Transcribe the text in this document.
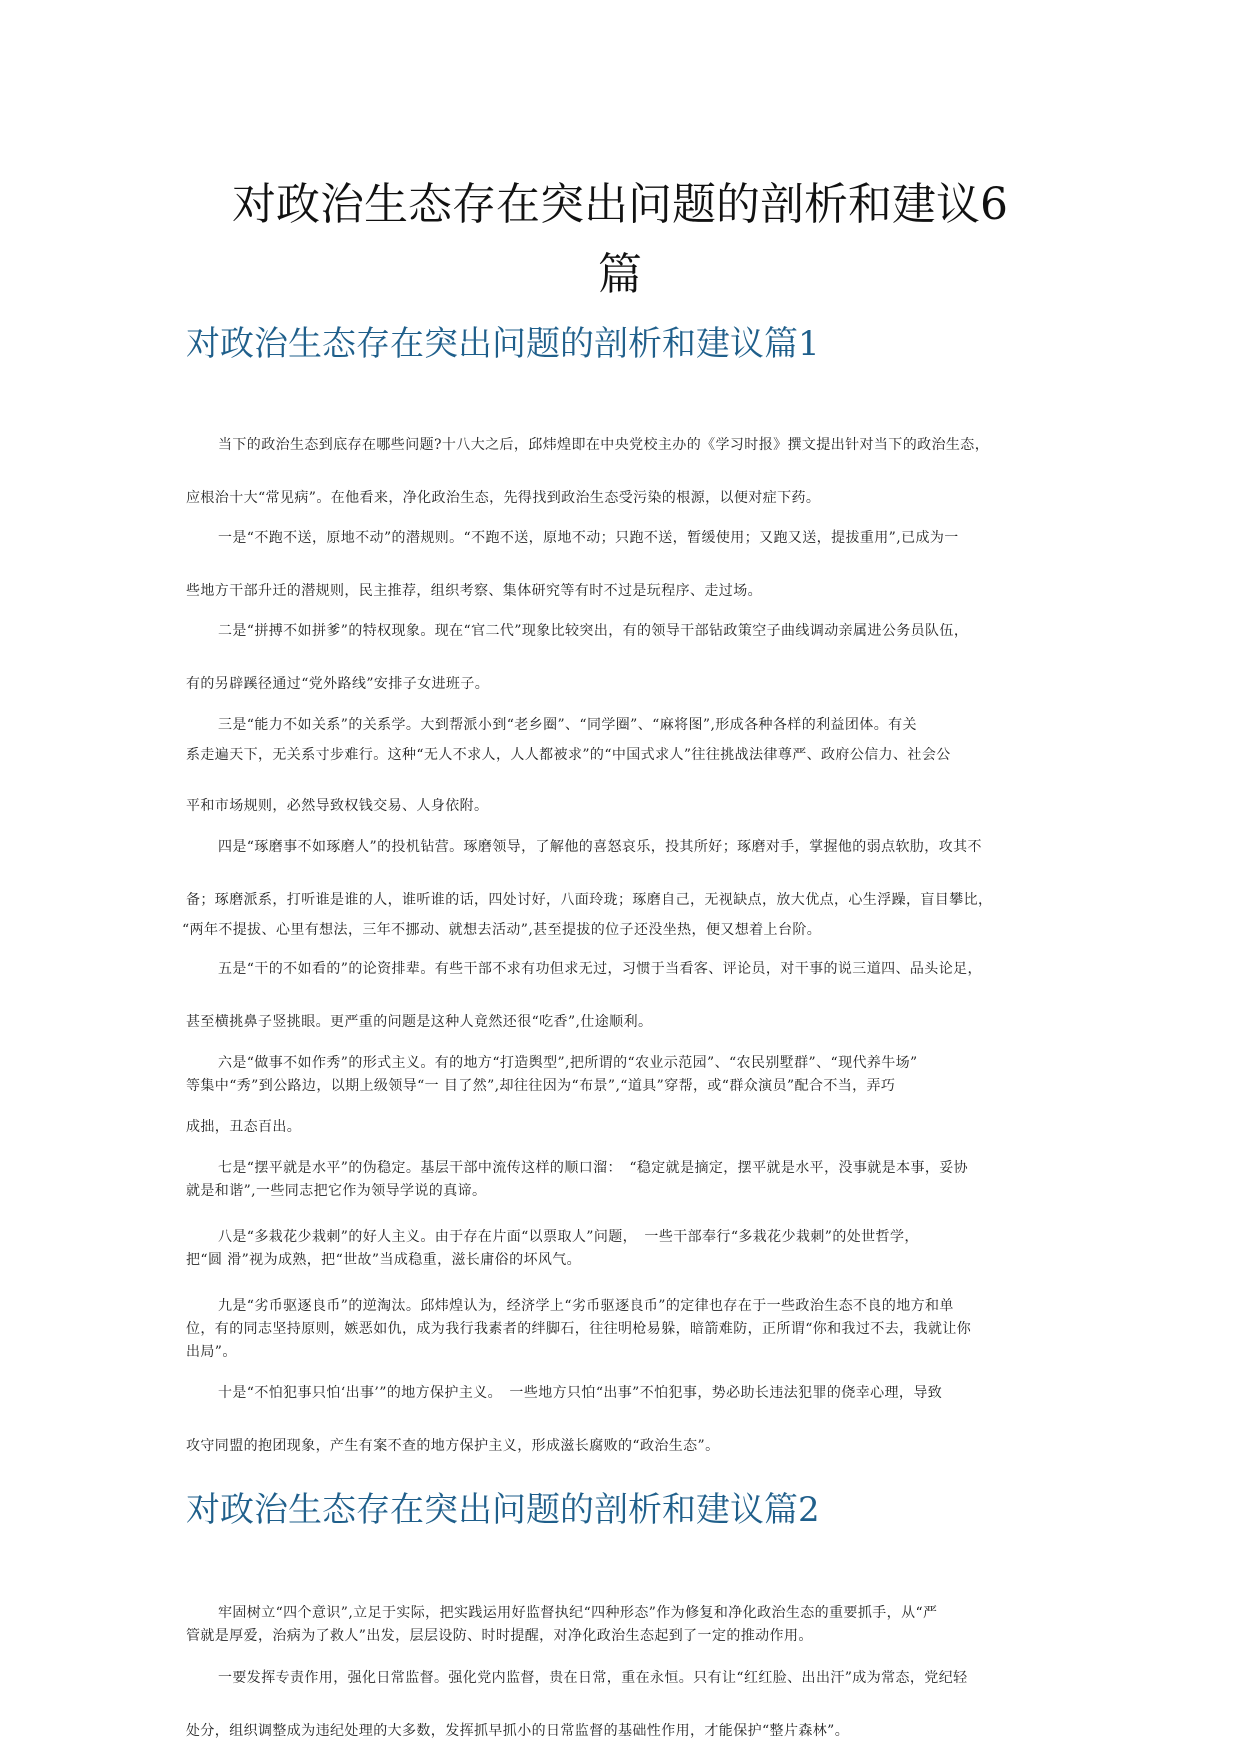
对政治生态存在突出问题的剖析和建议6
篇
对政治生态存在突出问题的剖析和建议篇1
当下的政治生态到底存在哪些问题?十八大之后，邱炜煌即在中央党校主办的《学习时报》撰文提出针对当下的政治生态，
应根治十大“常见病”。在他看来，净化政治生态，先得找到政治生态受污染的根源，以便对症下药。
一是“不跑不送，原地不动”的潜规则。“不跑不送，原地不动；只跑不送，暂缓使用；又跑又送，提拔重用”,已成为一
些地方干部升迁的潜规则，民主推荐，组织考察、集体研究等有时不过是玩程序、走过场。
二是“拼搏不如拼爹”的特权现象。现在“官二代”现象比较突出，有的领导干部钻政策空子曲线调动亲属进公务员队伍，
有的另辟蹊径通过“党外路线”安排子女进班子。
三是“能力不如关系”的关系学。大到帮派小到“老乡圈”、“同学圈”、“麻将图”,形成各种各样的利益团体。有关
系走遍天下，无关系寸步难行。这种“无人不求人，人人都被求”的“中国式求人”往往挑战法律尊严、政府公信力、社会公
平和市场规则，必然导致权钱交易、人身依附。
四是“琢磨事不如琢磨人”的投机钻营。琢磨领导，了解他的喜怒哀乐，投其所好；琢磨对手，掌握他的弱点软肋，攻其不
备；琢磨派系，打听谁是谁的人，谁听谁的话，四处讨好，八面玲珑；琢磨自己，无视缺点，放大优点，心生浮躁，盲目攀比，
“两年不提拔、心里有想法，三年不挪动、就想去活动”,甚至提拔的位子还没坐热，便又想着上台阶。
五是“干的不如看的”的论资排辈。有些干部不求有功但求无过，习惯于当看客、评论员，对干事的说三道四、品头论足，
甚至横挑鼻子竖挑眼。更严重的问题是这种人竟然还很“吃香”,仕途顺利。
六是“做事不如作秀”的形式主义。有的地方“打造舆型”,把所谓的“农业示范园”、“农民别墅群”、“现代养牛场”
等集中“秀”到公路边，以期上级领导“一 目了然”,却往往因为“布景”,“道具”穿帮，或“群众演员”配合不当，弄巧
成拙，丑态百出。
七是“摆平就是水平”的伪稳定。基层干部中流传这样的顺口溜：　“稳定就是摘定，摆平就是水平，没事就是本事，妥协
就是和谐”,一些同志把它作为领导学说的真谛。
八是“多栽花少栽刺”的好人主义。由于存在片面“以票取人”问题，　一些干部奉行“多栽花少栽刺”的处世哲学，
把“圆 滑”视为成熟，把“世故”当成稳重，滋长庸俗的坏风气。
九是“劣币驱逐良币”的逆淘汰。邱炜煌认为，经济学上“劣币驱逐良币”的定律也存在于一些政治生态不良的地方和单
位，有的同志坚持原则，嫉恶如仇，成为我行我素者的绊脚石，往往明枪易躲，暗箭难防，正所谓“你和我过不去，我就让你
出局”。
十是“不怕犯事只怕‘出事’”的地方保护主义。　一些地方只怕“出事”不怕犯事，势必助长违法犯罪的侥幸心理，导致
攻守同盟的抱团现象，产生有案不查的地方保护主义，形成滋长腐败的“政治生态”。
对政治生态存在突出问题的剖析和建议篇2
牢固树立“四个意识”,立足于实际，把实践运用好监督执纪“四种形态”作为修复和净化政治生态的重要抓手，从“严
管就是厚爱，治病为了救人”出发，层层设防、时时提醒，对净化政治生态起到了一定的推动作用。
一要发挥专责作用，强化日常监督。强化党内监督，贵在日常，重在永恒。只有让“红红脸、出出汗”成为常态，党纪轻
处分，组织调整成为违纪处理的大多数，发挥抓早抓小的日常监督的基础性作用，才能保护“整片森林”。
